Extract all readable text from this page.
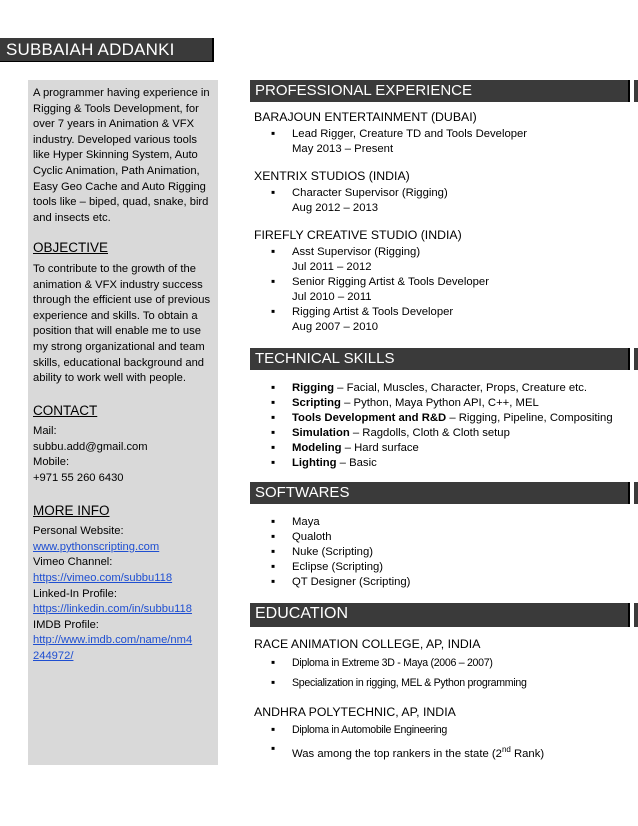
SUBBAIAH ADDANKI

A programmer having experience in Rigging & Tools Development, for over 7 years in Animation & VFX industry. Developed various tools like Hyper Skinning System, Auto Cyclic Animation, Path Animation, Easy Geo Cache and Auto Rigging tools like – biped, quad, snake, bird and insects etc.

OBJECTIVE

To contribute to the growth of the animation & VFX industry success through the efficient use of previous experience and skills. To obtain a position that will enable me to use my strong organizational and team skills, educational background and ability to work well with people.

CONTACT

Mail:

subbu.add@gmail.com

Mobile:

+971 55 260 6430

MORE INFO

Personal Website:

www.pythonscripting.com

Vimeo Channel:

https://vimeo.com/subbu118

Linked-In Profile:

https://linkedin.com/in/subbu118

IMDB Profile:

http://www.imdb.com/name/nm4
244972/
PROFESSIONAL EXPERIENCE
BARAJOUN ENTERTAINMENT (DUBAI)
▪ Lead Rigger, Creature TD and Tools Developer
May 2013 – Present
XENTRIX STUDIOS (INDIA)
▪ Character Supervisor (Rigging)
Aug 2012 – 2013
FIREFLY CREATIVE STUDIO (INDIA)
▪ Asst Supervisor (Rigging)
Jul 2011 – 2012
▪ Senior Rigging Artist & Tools Developer
Jul 2010 – 2011
▪ Rigging Artist & Tools Developer
Aug 2007 – 2010
TECHNICAL SKILLS
▪ Rigging – Facial, Muscles, Character, Props, Creature etc.
▪ Scripting – Python, Maya Python API, C++, MEL
▪ Tools Development and R&D – Rigging, Pipeline, Compositing
▪ Simulation – Ragdolls, Cloth & Cloth setup
▪ Modeling – Hard surface
▪ Lighting – Basic
SOFTWARES
▪ Maya
▪ Qualoth
▪ Nuke (Scripting)
▪ Eclipse (Scripting)
▪ QT Designer (Scripting)
EDUCATION
RACE ANIMATION COLLEGE, AP, INDIA
▪ Diploma in Extreme 3D - Maya (2006 – 2007)
▪ Specialization in rigging, MEL & Python programming
ANDHRA POLYTECHNIC, AP, INDIA
▪ Diploma in Automobile Engineering
▪ Was among the top rankers in the state (2nd Rank)
